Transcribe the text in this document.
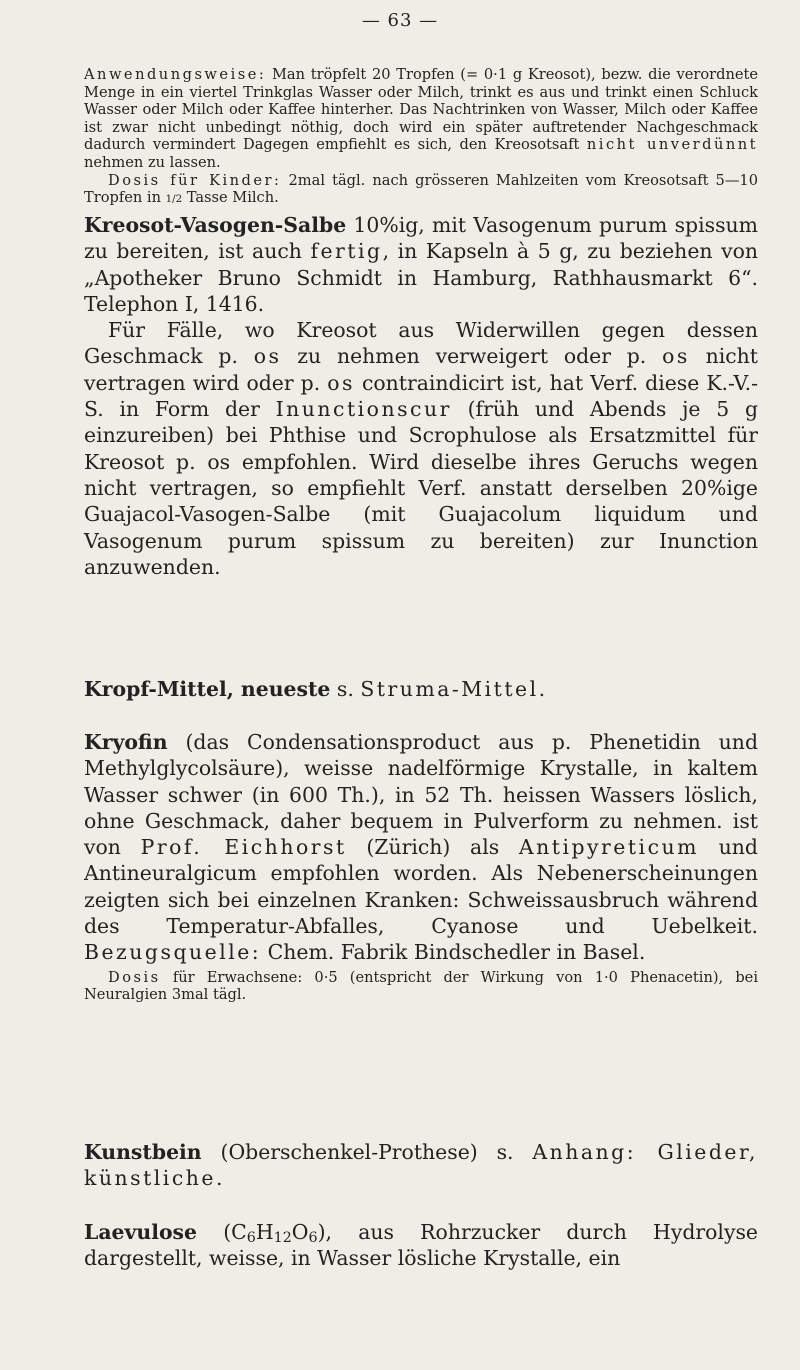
— 63 —

Anwendungsweise: Man tröpfelt 20 Tropfen (= 0·1 g Kreosot), bezw. die verordnete Menge in ein viertel Trinkglas Wasser oder Milch, trinkt es aus und trinkt einen Schluck Wasser oder Milch oder Kaffee hinterher. Das Nachtrinken von Wasser, Milch oder Kaffee ist zwar nicht unbedingt nöthig, doch wird ein später auftretender Nachgeschmack dadurch vermindert Dagegen empfiehlt es sich, den Kreosotsaft nicht unverdünnt nehmen zu lassen.

Dosis für Kinder: 2mal tägl. nach grösseren Mahlzeiten vom Kreosotsaft 5—10 Tropfen in 1/2 Tasse Milch.

Kreosot-Vasogen-Salbe 10%ig, mit Vasogenum purum spissum zu bereiten, ist auch fertig, in Kapseln à 5 g, zu beziehen von „Apotheker Bruno Schmidt in Hamburg, Rathhausmarkt 6“. Telephon I, 1416.

Für Fälle, wo Kreosot aus Widerwillen gegen dessen Geschmack p. os zu nehmen verweigert oder p. os nicht vertragen wird oder p. os contraindicirt ist, hat Verf. diese K.-V.-S. in Form der Inunctionscur (früh und Abends je 5 g einzureiben) bei Phthise und Scrophulose als Ersatzmittel für Kreosot p. os empfohlen. Wird dieselbe ihres Geruchs wegen nicht vertragen, so empfiehlt Verf. anstatt derselben 20%ige Guajacol-Vasogen-Salbe (mit Guajacolum liquidum und Vasogenum purum spissum zu bereiten) zur Inunction anzuwenden.

Kropf-Mittel, neueste s. Struma-Mittel.

Kryofin (das Condensationsproduct aus p. Phenetidin und Methylglycolsäure), weisse nadelförmige Krystalle, in kaltem Wasser schwer (in 600 Th.), in 52 Th. heissen Wassers löslich, ohne Geschmack, daher bequem in Pulverform zu nehmen. ist von Prof. Eichhorst (Zürich) als Antipyreticum und Antineuralgicum empfohlen worden. Als Nebenerscheinungen zeigten sich bei einzelnen Kranken: Schweissausbruch während des Temperatur-Abfalles, Cyanose und Uebelkeit. Bezugsquelle: Chem. Fabrik Bindschedler in Basel.

Dosis für Erwachsene: 0·5 (entspricht der Wirkung von 1·0 Phenacetin), bei Neuralgien 3mal tägl.

Kunstbein (Oberschenkel-Prothese) s. Anhang: Glieder, künstliche.

Laevulose $(C_6H_{12}O_6)$, aus Rohrzucker durch Hydrolyse dargestellt, weisse, in Wasser lösliche Krystalle, ein
